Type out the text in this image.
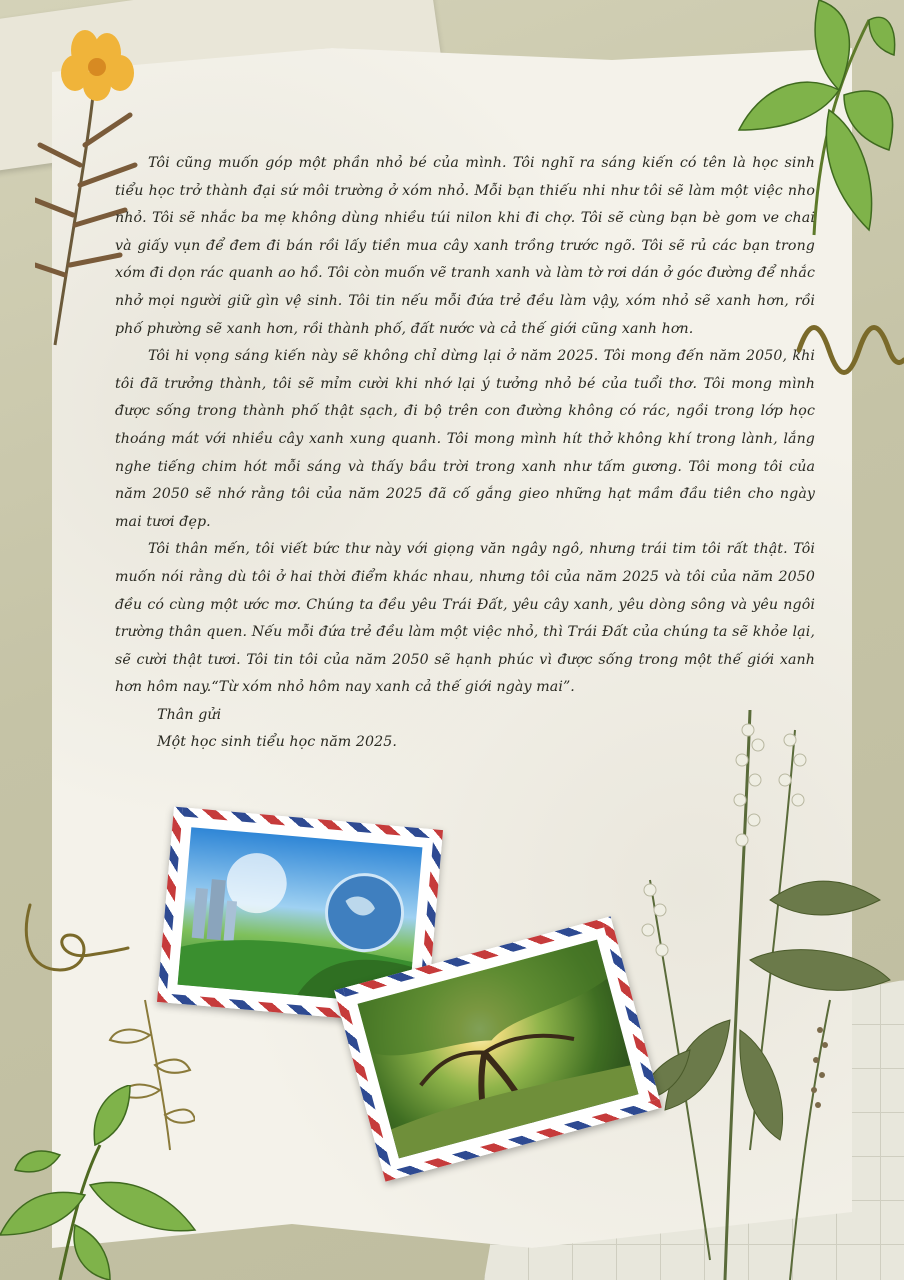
Tôi cũng muốn góp một phần nhỏ bé của mình. Tôi nghĩ ra sáng kiến có tên là học sinh tiểu học trở thành đại sứ môi trường ở xóm nhỏ. Mỗi bạn thiếu nhi như tôi sẽ làm một việc nho nhỏ. Tôi sẽ nhắc ba mẹ không dùng nhiều túi nilon khi đi chợ. Tôi sẽ cùng bạn bè gom ve chai và giấy vụn để đem đi bán rồi lấy tiền mua cây xanh trồng trước ngõ. Tôi sẽ rủ các bạn trong xóm đi dọn rác quanh ao hồ. Tôi còn muốn vẽ tranh xanh và làm tờ rơi dán ở góc đường để nhắc nhở mọi người giữ gìn vệ sinh. Tôi tin nếu mỗi đứa trẻ đều làm vậy, xóm nhỏ sẽ xanh hơn, rồi phố phường sẽ xanh hơn, rồi thành phố, đất nước và cả thế giới cũng xanh hơn.

Tôi hi vọng sáng kiến này sẽ không chỉ dừng lại ở năm 2025. Tôi mong đến năm 2050, khi tôi đã trưởng thành, tôi sẽ mỉm cười khi nhớ lại ý tưởng nhỏ bé của tuổi thơ. Tôi mong mình được sống trong thành phố thật sạch, đi bộ trên con đường không có rác, ngồi trong lớp học thoáng mát với nhiều cây xanh xung quanh. Tôi mong mình hít thở không khí trong lành, lắng nghe tiếng chim hót mỗi sáng và thấy bầu trời trong xanh như tấm gương. Tôi mong tôi của năm 2050 sẽ nhớ rằng tôi của năm 2025 đã cố gắng gieo những hạt mầm đầu tiên cho ngày mai tươi đẹp.

Tôi thân mến, tôi viết bức thư này với giọng văn ngây ngô, nhưng trái tim tôi rất thật. Tôi muốn nói rằng dù tôi ở hai thời điểm khác nhau, nhưng tôi của năm 2025 và tôi của năm 2050 đều có cùng một ước mơ. Chúng ta đều yêu Trái Đất, yêu cây xanh, yêu dòng sông và yêu ngôi trường thân quen. Nếu mỗi đứa trẻ đều làm một việc nhỏ, thì Trái Đất của chúng ta sẽ khỏe lại, sẽ cười thật tươi. Tôi tin tôi của năm 2050 sẽ hạnh phúc vì được sống trong một thế giới xanh hơn hôm nay.“Từ xóm nhỏ hôm nay xanh cả thế giới ngày mai”.

Thân gửi

Một học sinh tiểu học năm 2025.
